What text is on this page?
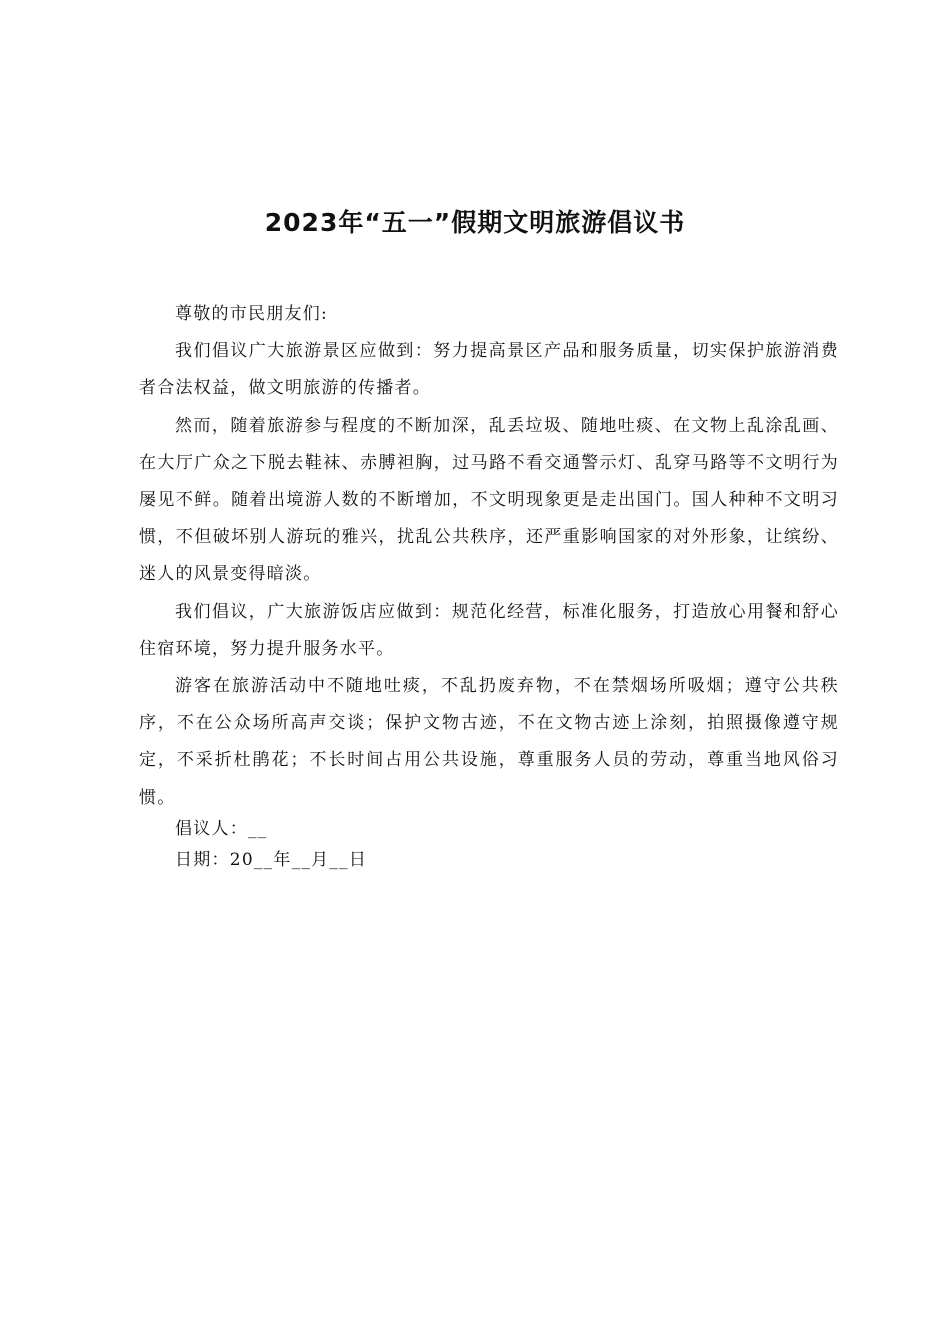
2023年“五一”假期文明旅游倡议书

尊敬的市民朋友们:

我们倡议广大旅游景区应做到：努力提高景区产品和服务质量，切实保护旅游消费者合法权益，做文明旅游的传播者。

然而，随着旅游参与程度的不断加深，乱丢垃圾、随地吐痰、在文物上乱涂乱画、在大厅广众之下脱去鞋袜、赤膊袒胸，过马路不看交通警示灯、乱穿马路等不文明行为屡见不鲜。随着出境游人数的不断增加，不文明现象更是走出国门。国人种种不文明习惯，不但破坏别人游玩的雅兴，扰乱公共秩序，还严重影响国家的对外形象，让缤纷、迷人的风景变得暗淡。

我们倡议，广大旅游饭店应做到：规范化经营，标准化服务，打造放心用餐和舒心住宿环境，努力提升服务水平。

游客在旅游活动中不随地吐痰，不乱扔废弃物，不在禁烟场所吸烟；遵守公共秩序，不在公众场所高声交谈；保护文物古迹，不在文物古迹上涂刻，拍照摄像遵守规定，不采折杜鹃花；不长时间占用公共设施，尊重服务人员的劳动，尊重当地风俗习惯。

倡议人：__
日期：20__年__月__日
